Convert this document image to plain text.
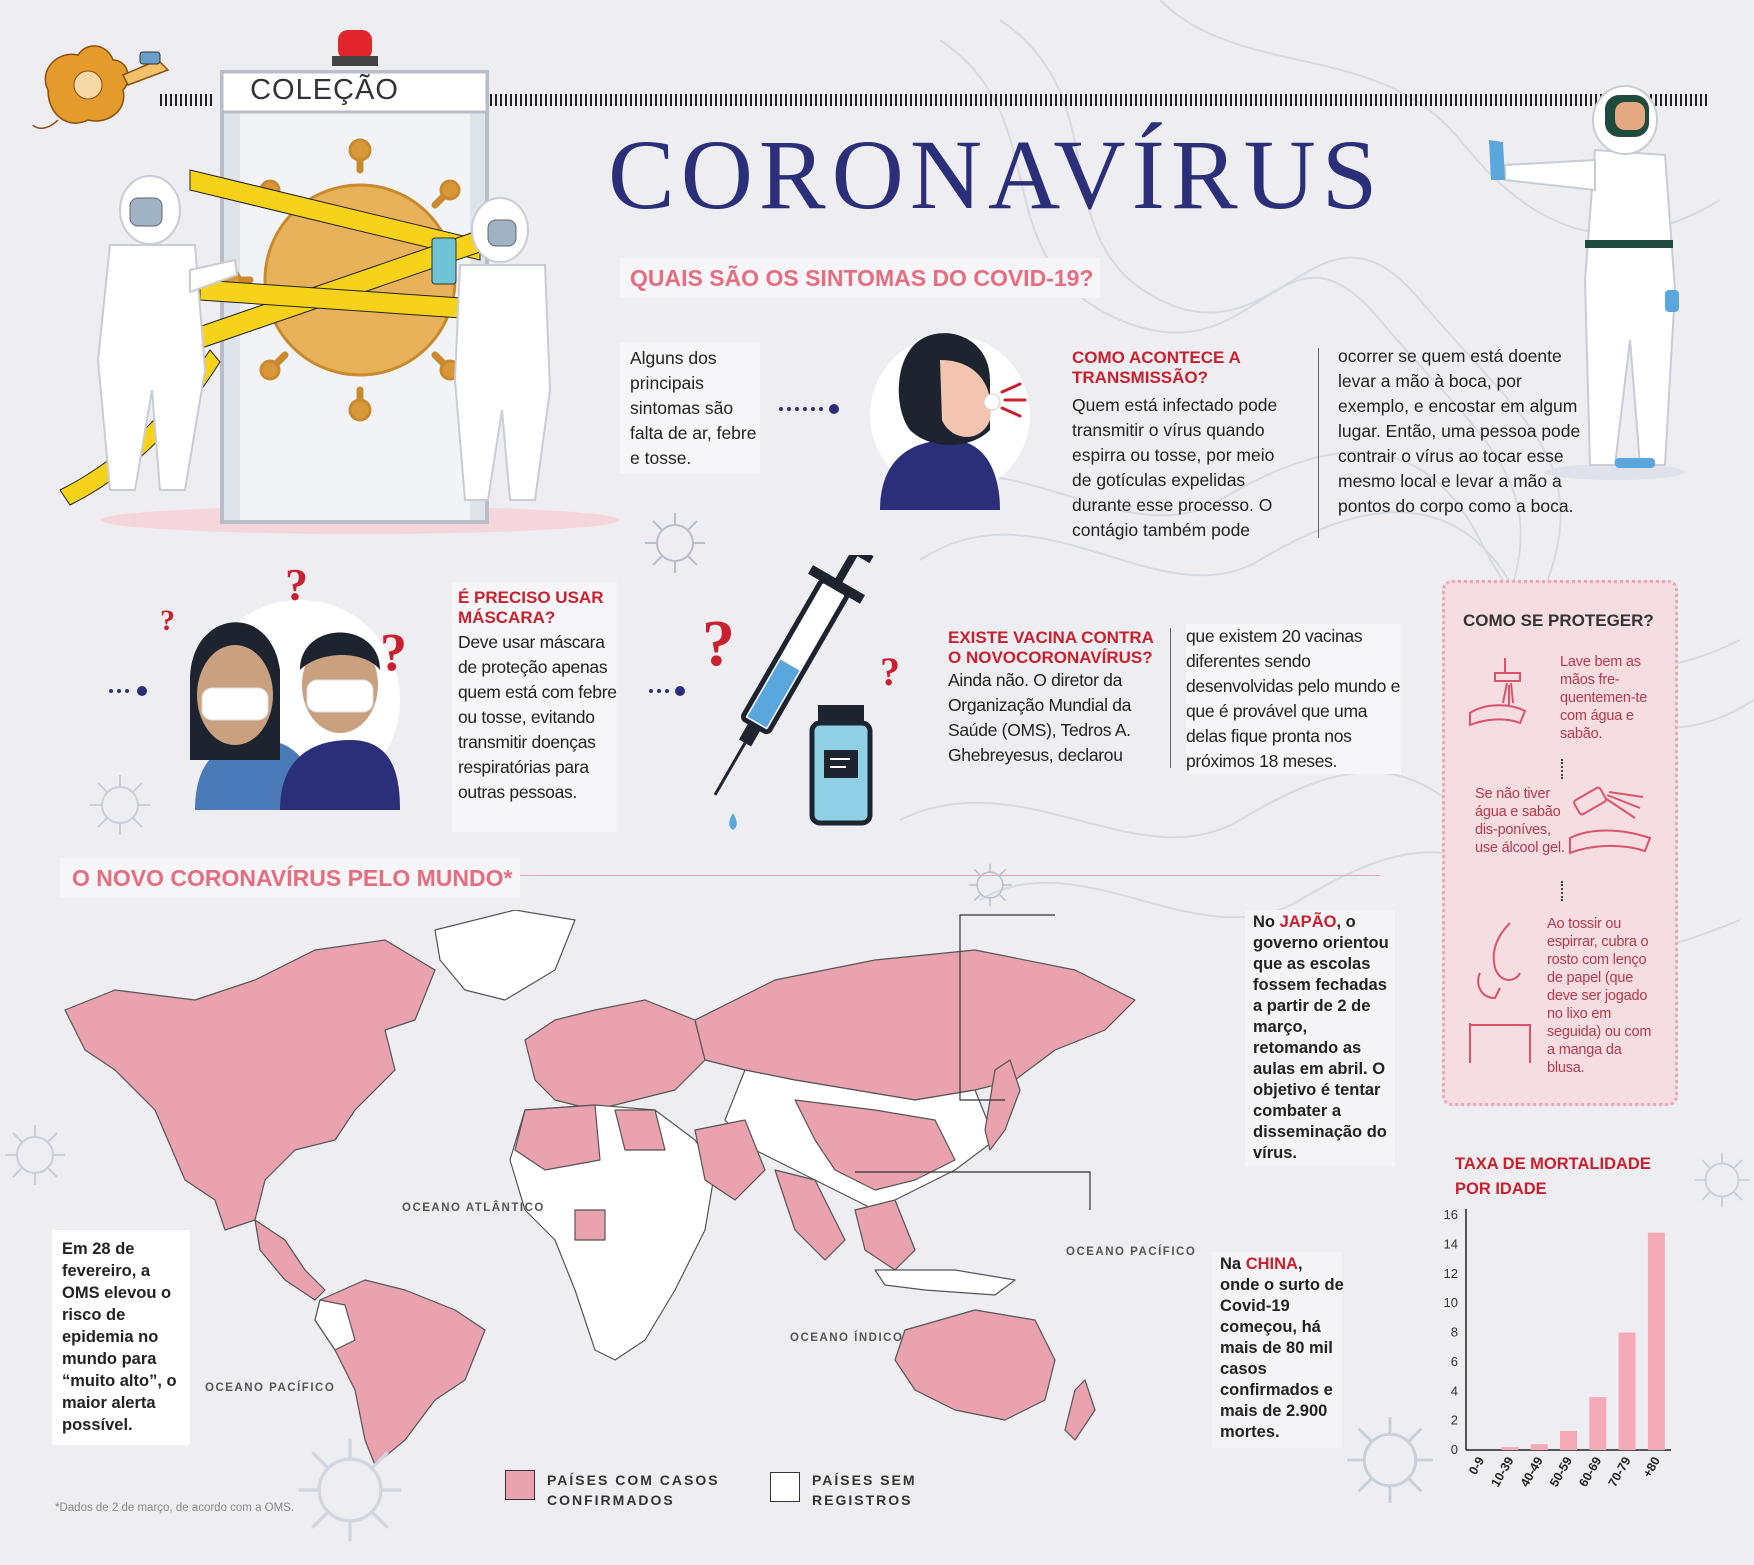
COLEÇÃO
CORONAVÍRUS
QUAIS SÃO OS SINTOMAS DO COVID-19?
Alguns dos principais sintomas são falta de ar, febre e tosse.
COMO ACONTECE A TRANSMISSÃO?
Quem está infectado pode transmitir o vírus quando espirra ou tosse, por meio de gotículas expelidas durante esse processo. O contágio também pode
ocorrer se quem está doente levar a mão à boca, por exemplo, e encostar em algum lugar. Então, uma pessoa pode contrair o vírus ao tocar esse mesmo local e levar a mão a pontos do corpo como a boca.
?
?
?
É PRECISO USAR MÁSCARA?
Deve usar máscara de proteção apenas quem está com febre ou tosse, evitando transmitir doenças respiratórias para outras pessoas.
?	?
EXISTE VACINA CONTRA O NOVOCORONAVÍRUS?
Ainda não. O diretor da Organização Mundial da Saúde (OMS), Tedros A. Ghebreyesus, declarou
que existem 20 vacinas diferentes sendo desenvolvidas pelo mundo e que é provável que uma delas fique pronta nos próximos 18 meses.
COMO SE PROTEGER?
Lave bem as mãos fre-quentemen-te com água e sabão.
Se não tiver água e sabão dis-poníves, use álcool gel.
Ao tossir ou espirrar, cubra o rosto com lenço de papel (que deve ser jogado no lixo em seguida) ou com a manga da blusa.
O NOVO CORONAVÍRUS PELO MUNDO*
OCEANO ATLÂNTICO
OCEANO PACÍFICO
OCEANO ÍNDICO
OCEANO PACÍFICO
No JAPÃO, o governo orientou que as escolas fossem fechadas a partir de 2 de março, retomando as aulas em abril. O objetivo é tentar combater a disseminação do vírus.
Na CHINA, onde o surto de Covid-19 começou, há mais de 80 mil casos confirmados e mais de 2.900 mortes.
Em 28 de fevereiro, a OMS elevou o risco de epidemia no mundo para “muito alto”, o maior alerta possível.
PAÍSES COM CASOS CONFIRMADOS
PAÍSES SEM REGISTROS
*Dados de 2 de março, de acordo com a OMS.
TAXA DE MORTALIDADE POR IDADE
0
2
4
6
8
10
12
14
16
0-9 10-39 40-49 50-59 60-69 70-79 +80
